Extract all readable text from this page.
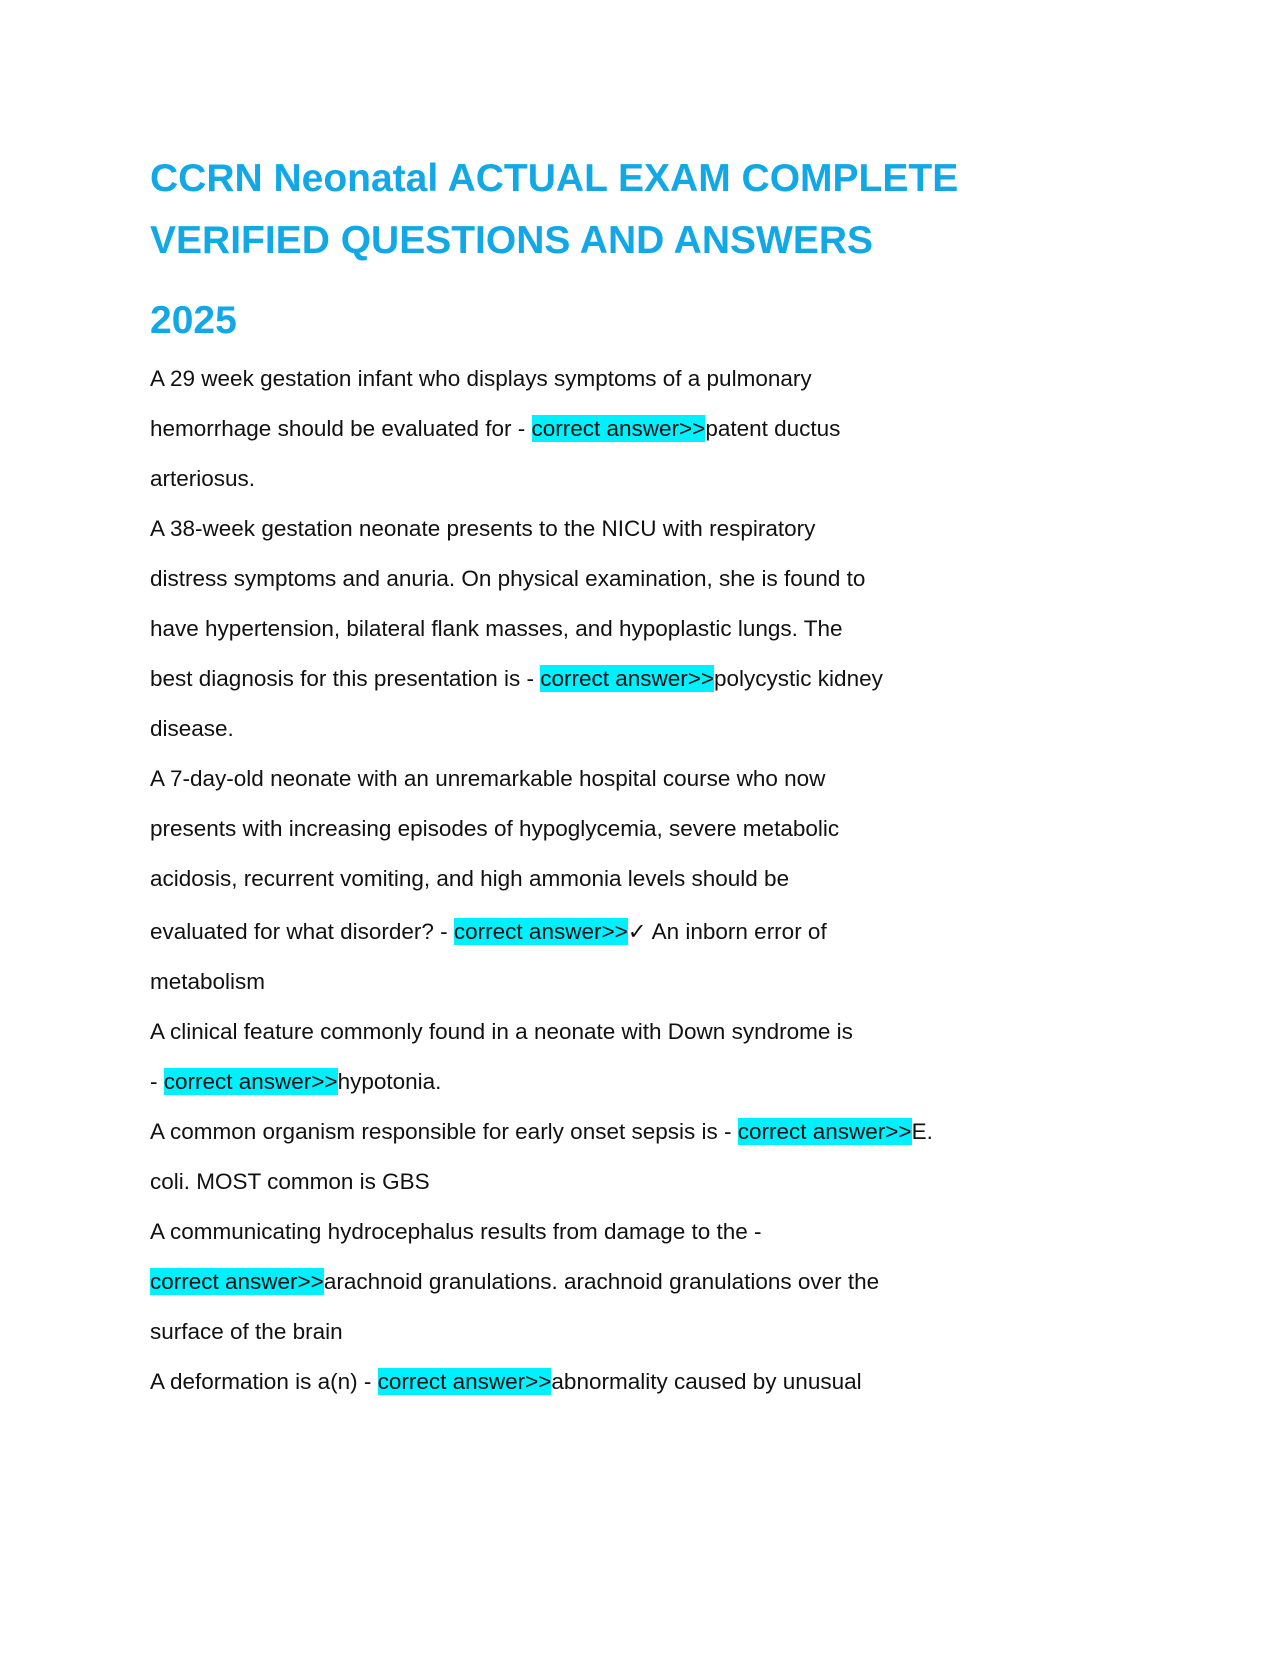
CCRN Neonatal ACTUAL EXAM COMPLETE
VERIFIED QUESTIONS AND ANSWERS
2025
A 29 week gestation infant who displays symptoms of a pulmonary
hemorrhage should be evaluated for - correct answer>>patent ductus
arteriosus.
A 38-week gestation neonate presents to the NICU with respiratory
distress symptoms and anuria. On physical examination, she is found to
have hypertension, bilateral flank masses, and hypoplastic lungs. The
best diagnosis for this presentation is - correct answer>>polycystic kidney
disease.
A 7-day-old neonate with an unremarkable hospital course who now
presents with increasing episodes of hypoglycemia, severe metabolic
acidosis, recurrent vomiting, and high ammonia levels should be
evaluated for what disorder? - correct answer>>✓ An inborn error of
metabolism
A clinical feature commonly found in a neonate with Down syndrome is
- correct answer>>hypotonia.
A common organism responsible for early onset sepsis is - correct answer>>E.
coli. MOST common is GBS
A communicating hydrocephalus results from damage to the -
correct answer>>arachnoid granulations. arachnoid granulations over the
surface of the brain
A deformation is a(n) - correct answer>>abnormality caused by unusual
